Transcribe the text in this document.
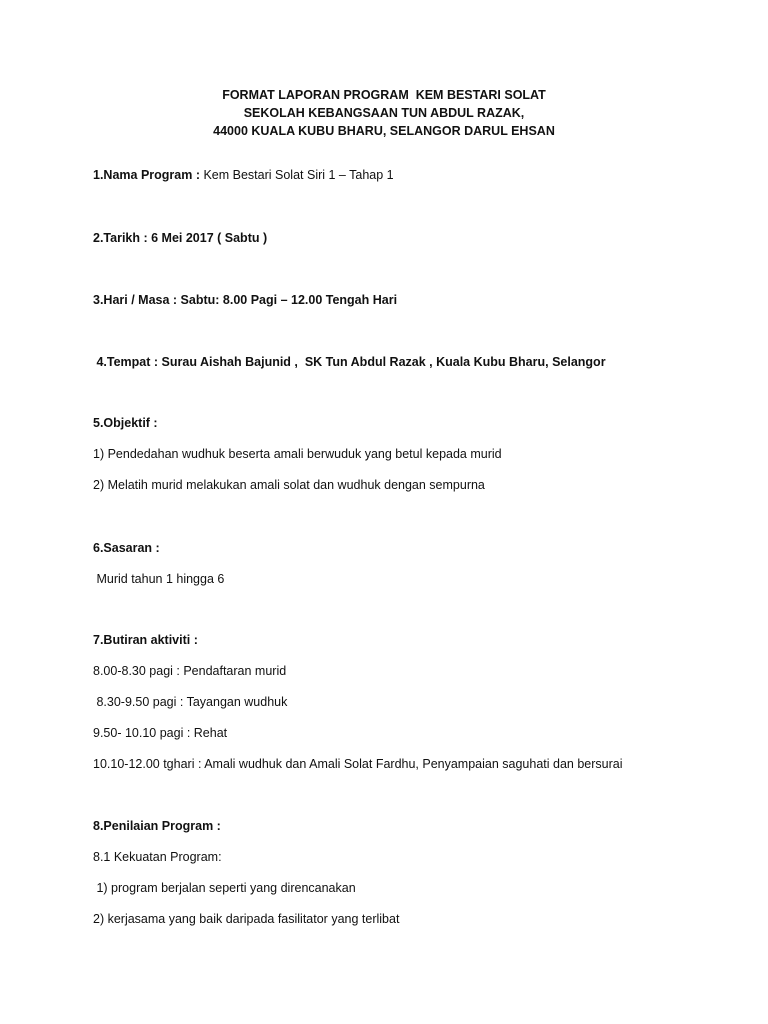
FORMAT LAPORAN PROGRAM  KEM BESTARI SOLAT
SEKOLAH KEBANGSAAN TUN ABDUL RAZAK,
44000 KUALA KUBU BHARU, SELANGOR DARUL EHSAN
1.Nama Program : Kem Bestari Solat Siri 1 – Tahap 1
2.Tarikh : 6 Mei 2017 ( Sabtu )
3.Hari / Masa : Sabtu: 8.00 Pagi – 12.00 Tengah Hari
4.Tempat : Surau Aishah Bajunid ,  SK Tun Abdul Razak , Kuala Kubu Bharu, Selangor
5.Objektif :
1) Pendedahan wudhuk beserta amali berwuduk yang betul kepada murid
2) Melatih murid melakukan amali solat dan wudhuk dengan sempurna
6.Sasaran :
Murid tahun 1 hingga 6
7.Butiran aktiviti :
8.00-8.30 pagi : Pendaftaran murid
8.30-9.50 pagi : Tayangan wudhuk
9.50- 10.10 pagi : Rehat
10.10-12.00 tghari : Amali wudhuk dan Amali Solat Fardhu, Penyampaian saguhati dan bersurai
8.Penilaian Program :
8.1 Kekuatan Program:
1) program berjalan seperti yang direncanakan
2) kerjasama yang baik daripada fasilitator yang terlibat
